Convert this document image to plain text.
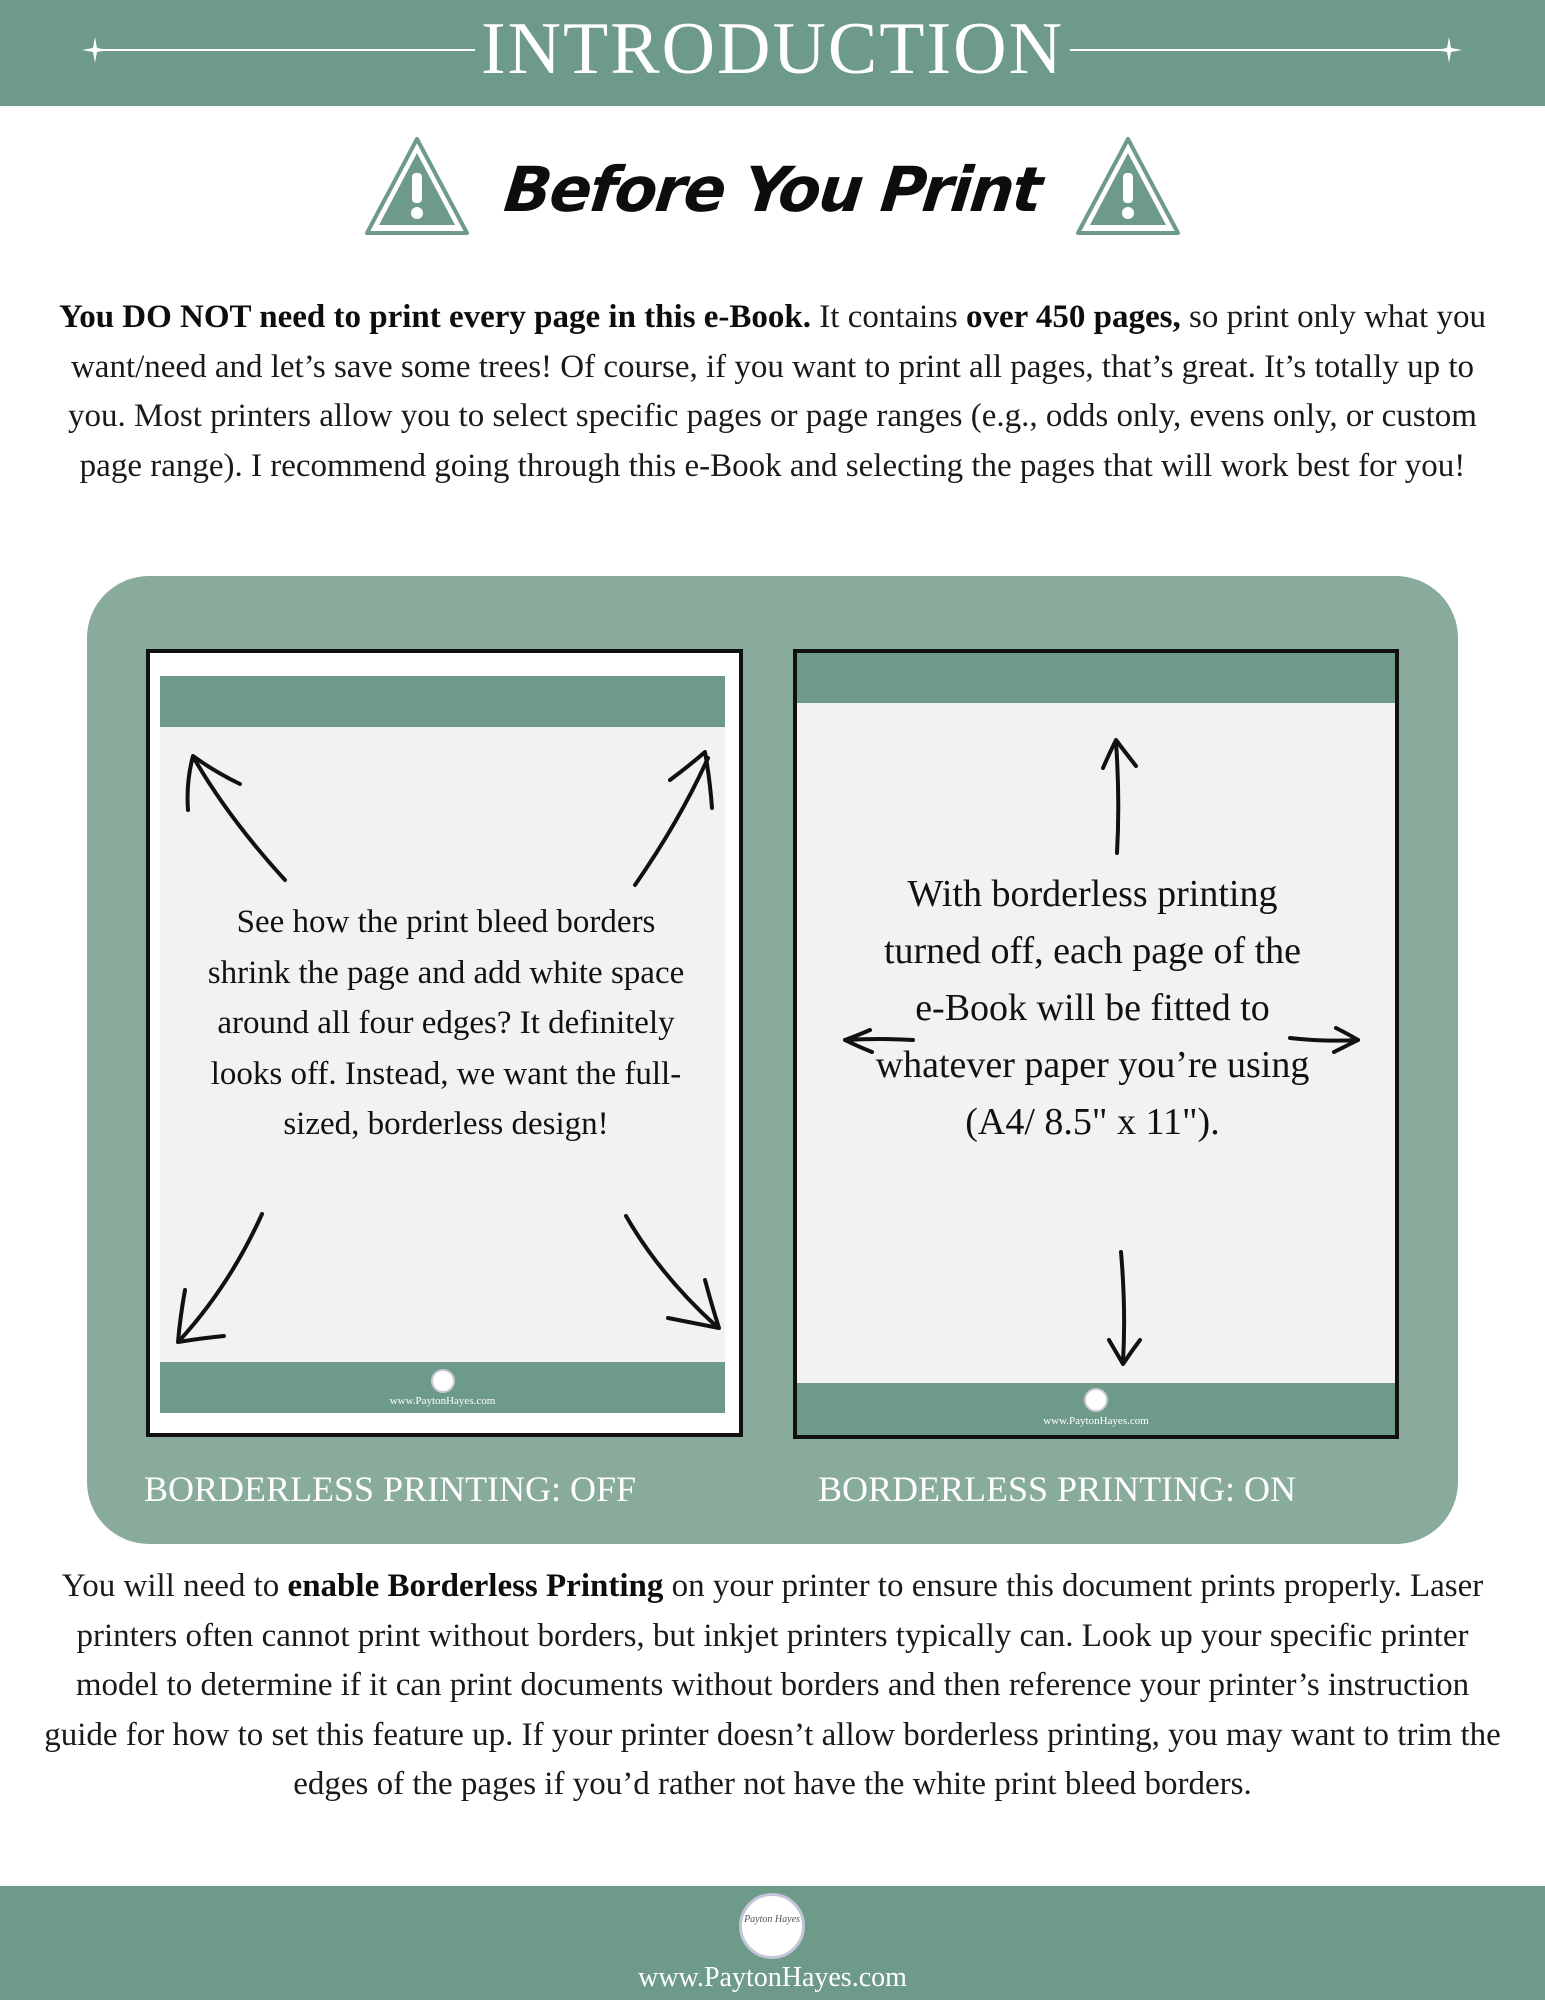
INTRODUCTION
Before You Print
You DO NOT need to print every page in this e-Book. It contains over 450 pages, so print only what you want/need and let’s save some trees! Of course, if you want to print all pages, that’s great. It’s totally up to you. Most printers allow you to select specific pages or page ranges (e.g., odds only, evens only, or custom page range). I recommend going through this e-Book and selecting the pages that will work best for you!
www.PaytonHayes.com
www.PaytonHayes.com
See how the print bleed borders shrink the page and add white space around all four edges? It definitely looks off. Instead, we want the full-sized, borderless design!
With borderless printing turned off, each page of the e-Book will be fitted to whatever paper you’re using (A4/ 8.5" x 11").
BORDERLESS PRINTING: OFF	BORDERLESS PRINTING: ON
You will need to enable Borderless Printing on your printer to ensure this document prints properly. Laser printers often cannot print without borders, but inkjet printers typically can. Look up your specific printer model to determine if it can print documents without borders and then reference your printer’s instruction guide for how to set this feature up. If your printer doesn’t allow borderless printing, you may want to trim the edges of the pages if you’d rather not have the white print bleed borders.
Payton Hayes
www.PaytonHayes.com
